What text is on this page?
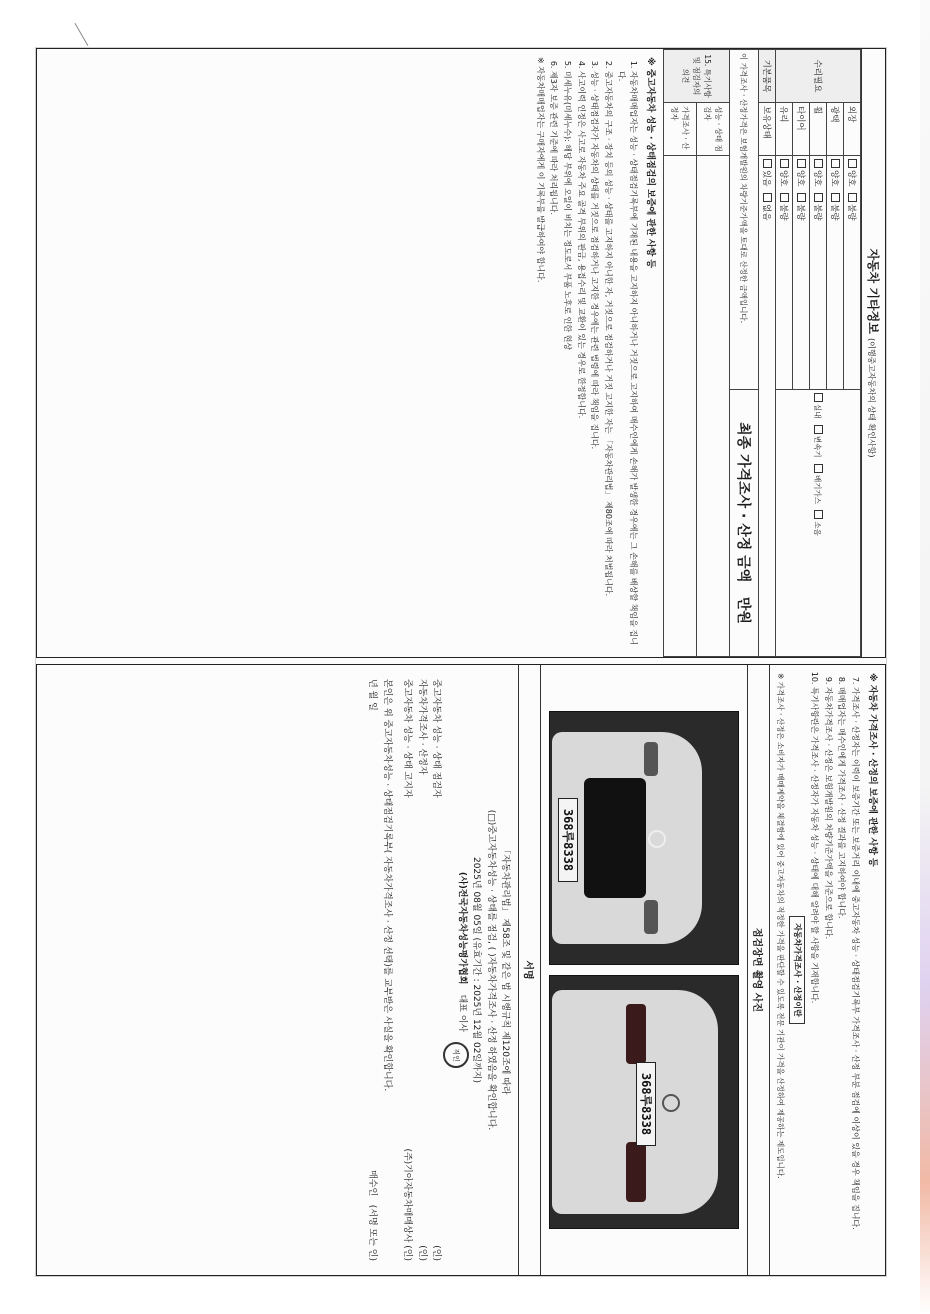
자동차 기타정보 (이행중고자동차의 상태 확인사항)
수리필요	외장	양호 불량	실내 변속기 배기가스 소음
	광택	양호 불량	
	휠	양호 불량	
	타이어	양호 불량	
	유리	양호 불량	
기본품목	보유상태	있음 없음	
이 가격조사 · 산정가격은 보험개발원의 차량기준가액을 토대로 산정한 금액입니다.			최종 가격조사 · 산정 금액   만원
15. 특기사항 및 점검자의 의견	성능 · 상태 점검자		
	가격조사 · 산정자		
※ 중고자동차 성능 · 상태점검의 보증에 관한 사항 등
1. 자동차매매업자는 성능 · 상태점검기록부에 기재된 내용을 고지하지 아니하거나 거짓으로 고지하여 매수인에게 손해가 발생한 경우에는 그 손해를 배상할 책임을 집니다.
2. 중고자동차의 구조 · 장치 등의 성능 · 상태를 고지하지 아니한 자, 거짓으로 점검하거나 거짓 고지한 자는 「자동차관리법」 제80조에 따라 처벌됩니다.
3. 성능 · 상태점검자가 자동차의 상태를 거짓으로 점검하거나 고지한 경우에는 관련 법령에 따라 책임을 집니다.
4. 사고이력 인정은 사고로 자동차 주요 골격 부위의 판금, 용접수리 및 교환이 있는 경우로 한정합니다.
5. 미세누유(미세누수): 해당 부위에 오일이 비치는 정도로서 부품 노후로 인한 현상
6. 제3자 보증 관련 기준에 따라 처리됩니다.
※ 자동차매매업자는 구매자에게 이 기록부를 발급하여야 합니다.
※ 자동차 가격조사 · 산정의 보증에 관한 사항 등
7. 가격조사 · 산정자는 이력이 보증기간 또는 보증거리 이내에 중고자동차 성능 · 상태점검기록부 가격조사 · 산정 부분 점검에 이상이 있을 경우 책임을 집니다.
8. 매매업자는 매수인에게 가격조사 · 산정 결과를 고지하여야 합니다.
9. 자동차가격조사 · 산정은 보험개발원의 차량기준가액을 기준으로 합니다.
10. 특기사항란은 가격조사 · 산정자가 자동차 성능 · 상태에 대해 알려야 할 사항을 기재합니다.
자동차가격조사 · 산정이란
※ 가격조사 · 산정은 소비자가 매매계약을 체결함에 있어 중고자동차의 적정한 가격을 판단할 수 있도록 전문 기관이 가격을 산정하여 제공하는 제도입니다.
점검장면 촬영 사진
368루8338
368루8338
서명
「자동차관리법」 제58조 및 같은 법 시행규칙 제120조에 따라
(□)중고자동차성능 · 상태를 점검, ( )자동차가격조사 · 산정 하였음을 확인합니다.
2025년 08월 05일 (유효기간 : 2025년 12월 02일까지)
(사)전국자동차성능평가협회
대표 이사
직인
중고자동차 성능 · 상태 점검자
(인)
자동차가격조사 · 산정자
(인)
중고자동차 성능 · 상태 고지자
(주)기아자동차매매상사 (인)
본인은 위 중고자동차성능 · 상태점검기록부( 자동차가격조사 · 산정 선택)를 교부받은 사실을 확인합니다.
년 월 일
매수인   (서명 또는 인)
